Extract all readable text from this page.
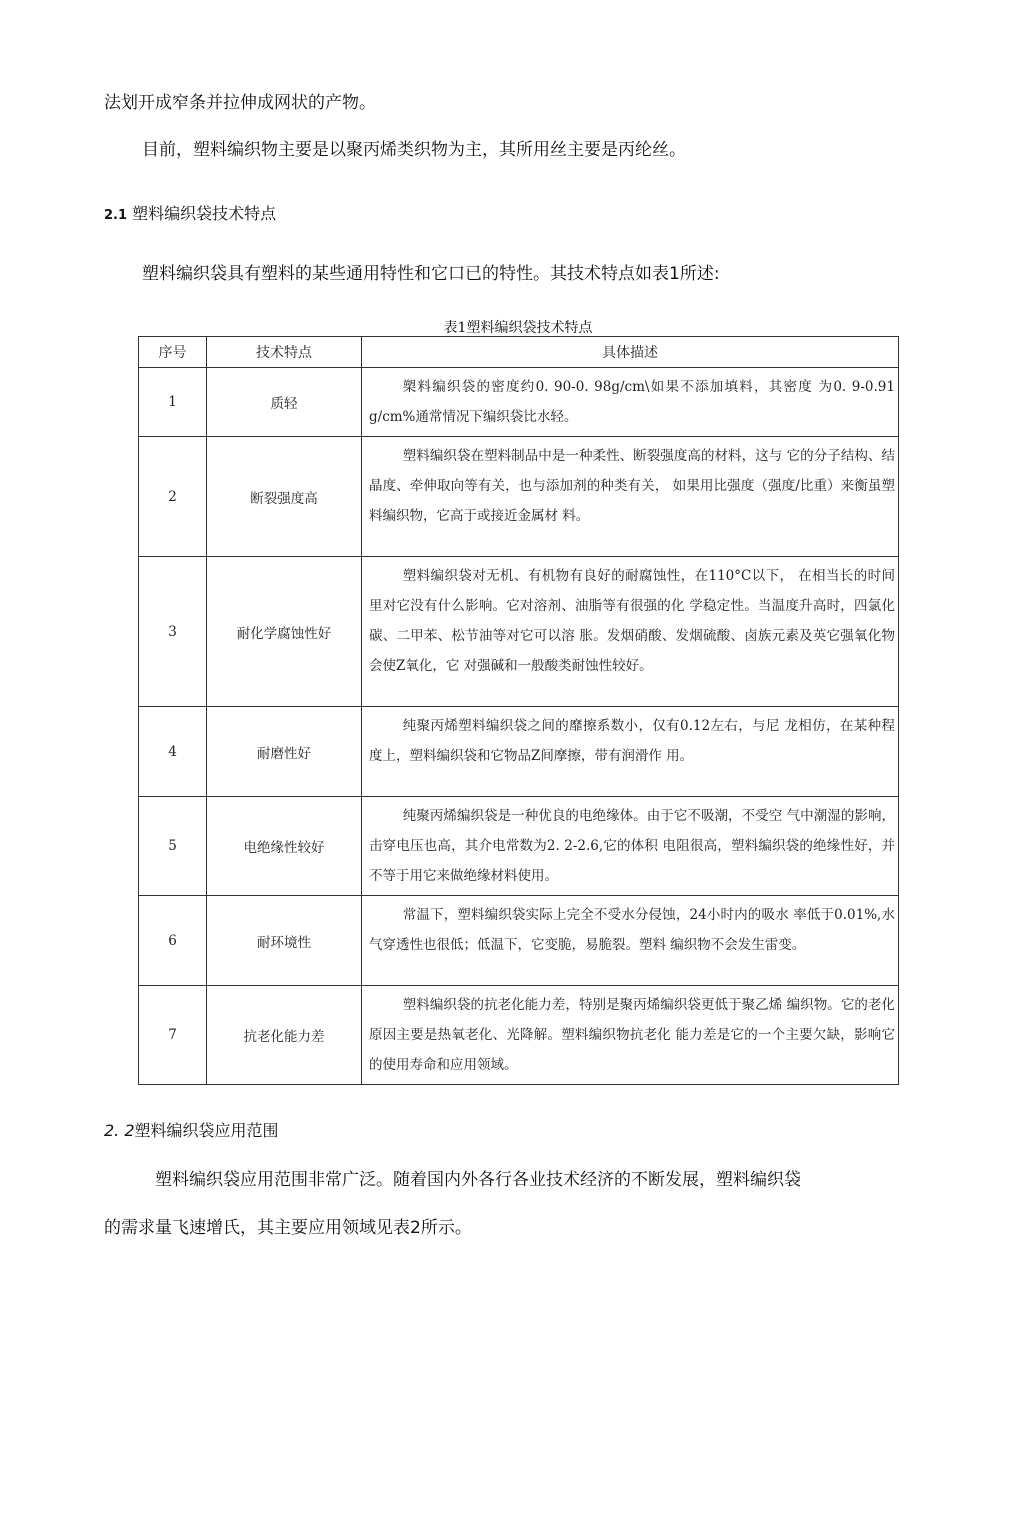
法划开成窄条并拉伸成网状的产物。

目前，塑料编织物主要是以聚丙烯类织物为主，其所用丝主要是丙纶丝。

2.1 塑料编织袋技术特点

塑料编织袋具有塑料的某些通用特性和它口已的特性。其技术特点如表1所述:

表1塑料编织袋技术特点
序号	技术特点	具体描述
1	质轻	槊料编织袋的密度约0. 90-0. 98g/cm\如果不添加填料，其密度 为0. 9-0.91 g/cm%通常情况下编织袋比水轻。
2	断裂强度高	塑料编织袋在塑料制品中是一种柔性、断裂强度高的材料，这与 它的分子结构、结晶度、牵伸取向等有关，也与添加剂的种类有关， 如果用比强度（强度/比重）来衡虽塑料编织物，它高于或接近金属材 料。
3	耐化学腐蚀性好	塑料编织袋对无机、有机物有良好的耐腐蚀性，在110°C以下， 在相当长的时间里对它没有什么影响。它对溶剂、油脂等有很强的化 学稳定性。当温度升高时，四氯化碳、二甲苯、松节油等对它可以溶 胀。发烟硝酸、发烟硫酸、卤族元素及英它强氧化物会使Z氧化，它 对强碱和一般酸类耐蚀性较好。
4	耐磨性好	纯聚丙烯塑料编织袋之间的靡擦系数小，仅有0.12左右，与尼 龙相仿，在某种程度上，塑料编织袋和它物品Z间摩擦，带有润滑作 用。
5	电绝缘性较好	纯聚丙烯编织袋是一种优良的电绝缘体。由于它不吸潮，不受空 气中潮湿的影响，击穿电压也高，其介电常数为2. 2-2.6,它的体积 电阻很高，塑料编织袋的绝缘性好，并不等于用它来做绝缘材料使用。
6	耐环境性	常温下，塑料编织袋实际上完全不受水分侵蚀，24小时内的吸水 率低于0.01%,水气穿透性也很低；低温下，它变脆，易脆裂。塑料 编织物不会发生雷变。
7	抗老化能力差	塑料编织袋的抗老化能力差，特别是聚丙烯编织袋更低于聚乙烯 编织物。它的老化原因主要是热氧老化、光降解。塑料编织物抗老化 能力差是它的一个主要欠缺，影响它的使用寿命和应用领域。
2. 2塑料编织袋应用范围

塑料编织袋应用范围非常广泛。随着国内外各行各业技术经济的不断发展，塑料编织袋

的需求量飞速增氏，其主要应用领域见表2所示。
